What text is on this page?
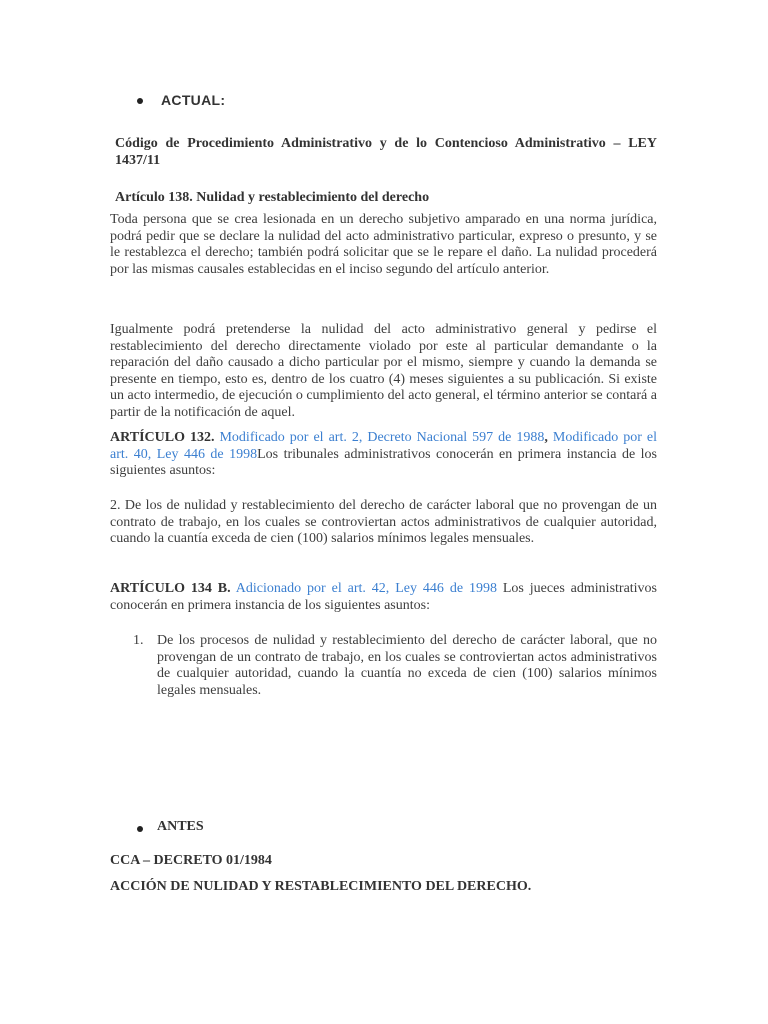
ACTUAL:
Código de Procedimiento Administrativo y de lo Contencioso Administrativo – LEY 1437/11
Artículo 138. Nulidad y restablecimiento del derecho
Toda persona que se crea lesionada en un derecho subjetivo amparado en una norma jurídica, podrá pedir que se declare la nulidad del acto administrativo particular, expreso o presunto, y se le restablezca el derecho; también podrá solicitar que se le repare el daño. La nulidad procederá por las mismas causales establecidas en el inciso segundo del artículo anterior.
Igualmente podrá pretenderse la nulidad del acto administrativo general y pedirse el restablecimiento del derecho directamente violado por este al particular demandante o la reparación del daño causado a dicho particular por el mismo, siempre y cuando la demanda se presente en tiempo, esto es, dentro de los cuatro (4) meses siguientes a su publicación. Si existe un acto intermedio, de ejecución o cumplimiento del acto general, el término anterior se contará a partir de la notificación de aquel.
ARTÍCULO 132. Modificado por el art. 2, Decreto Nacional 597 de 1988, Modificado por el art. 40, Ley 446 de 1998Los tribunales administrativos conocerán en primera instancia de los siguientes asuntos:
2. De los de nulidad y restablecimiento del derecho de carácter laboral que no provengan de un contrato de trabajo, en los cuales se controviertan actos administrativos de cualquier autoridad, cuando la cuantía exceda de cien (100) salarios mínimos legales mensuales.
ARTÍCULO 134 B. Adicionado por el art. 42, Ley 446 de 1998 Los jueces administrativos conocerán en primera instancia de los siguientes asuntos:
1. De los procesos de nulidad y restablecimiento del derecho de carácter laboral, que no provengan de un contrato de trabajo, en los cuales se controviertan actos administrativos de cualquier autoridad, cuando la cuantía no exceda de cien (100) salarios mínimos legales mensuales.
ANTES
CCA – DECRETO 01/1984
ACCIÓN DE NULIDAD Y RESTABLECIMIENTO DEL DERECHO.
